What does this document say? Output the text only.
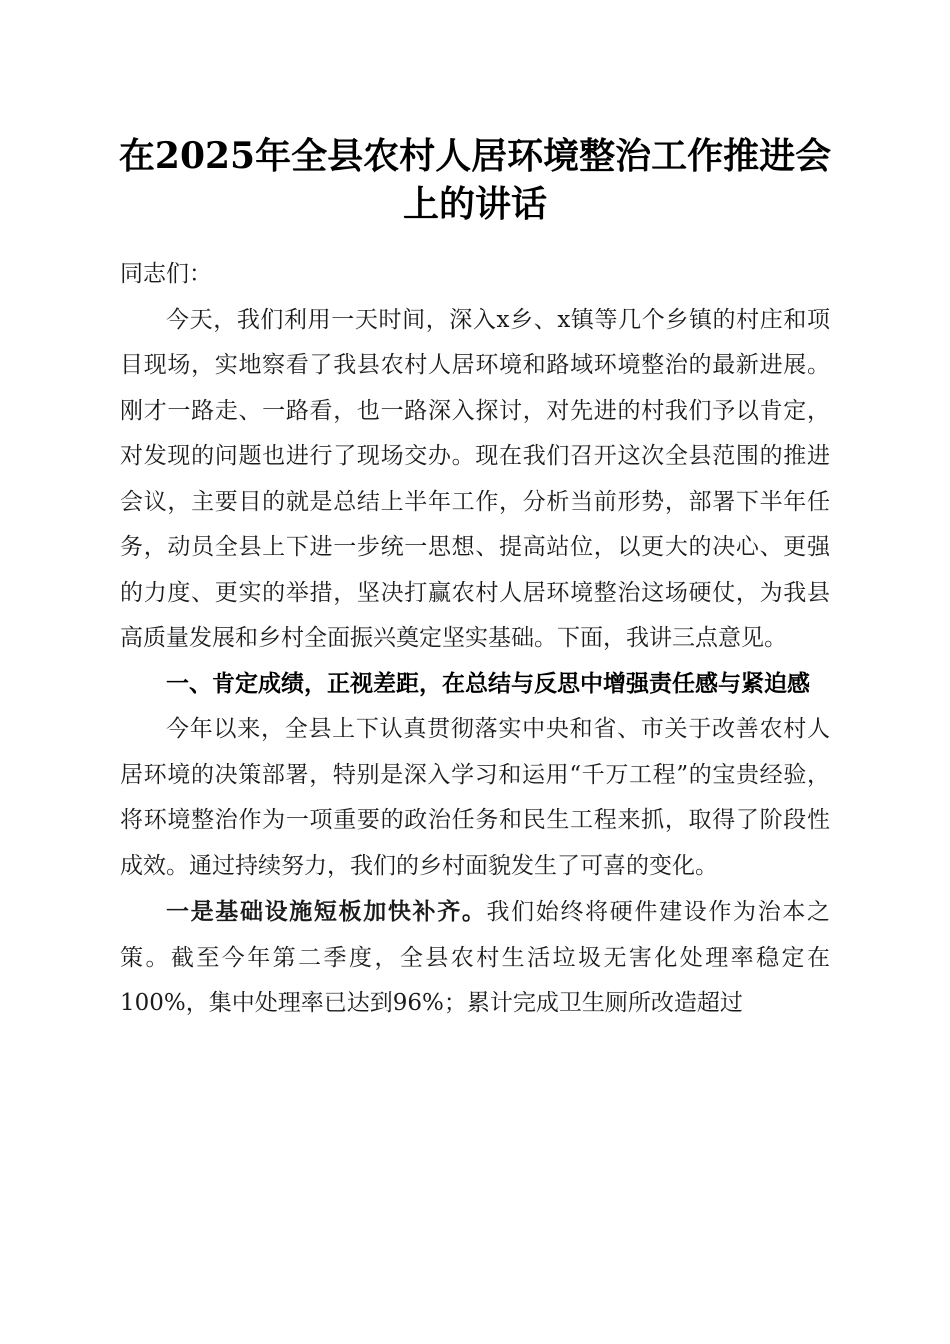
在2025年全县农村人居环境整治工作推进会上的讲话

同志们：

今天，我们利用一天时间，深入x乡、x镇等几个乡镇的村庄和项目现场，实地察看了我县农村人居环境和路域环境整治的最新进展。刚才一路走、一路看，也一路深入探讨，对先进的村我们予以肯定，对发现的问题也进行了现场交办。现在我们召开这次全县范围的推进会议，主要目的就是总结上半年工作，分析当前形势，部署下半年任务，动员全县上下进一步统一思想、提高站位，以更大的决心、更强的力度、更实的举措，坚决打赢农村人居环境整治这场硬仗，为我县高质量发展和乡村全面振兴奠定坚实基础。下面，我讲三点意见。

一、肯定成绩，正视差距，在总结与反思中增强责任感与紧迫感

今年以来，全县上下认真贯彻落实中央和省、市关于改善农村人居环境的决策部署，特别是深入学习和运用“千万工程”的宝贵经验，将环境整治作为一项重要的政治任务和民生工程来抓，取得了阶段性成效。通过持续努力，我们的乡村面貌发生了可喜的变化。

一是基础设施短板加快补齐。我们始终将硬件建设作为治本之策。截至今年第二季度，全县农村生活垃圾无害化处理率稳定在100%，集中处理率已达到96%；累计完成卫生厕所改造超过
